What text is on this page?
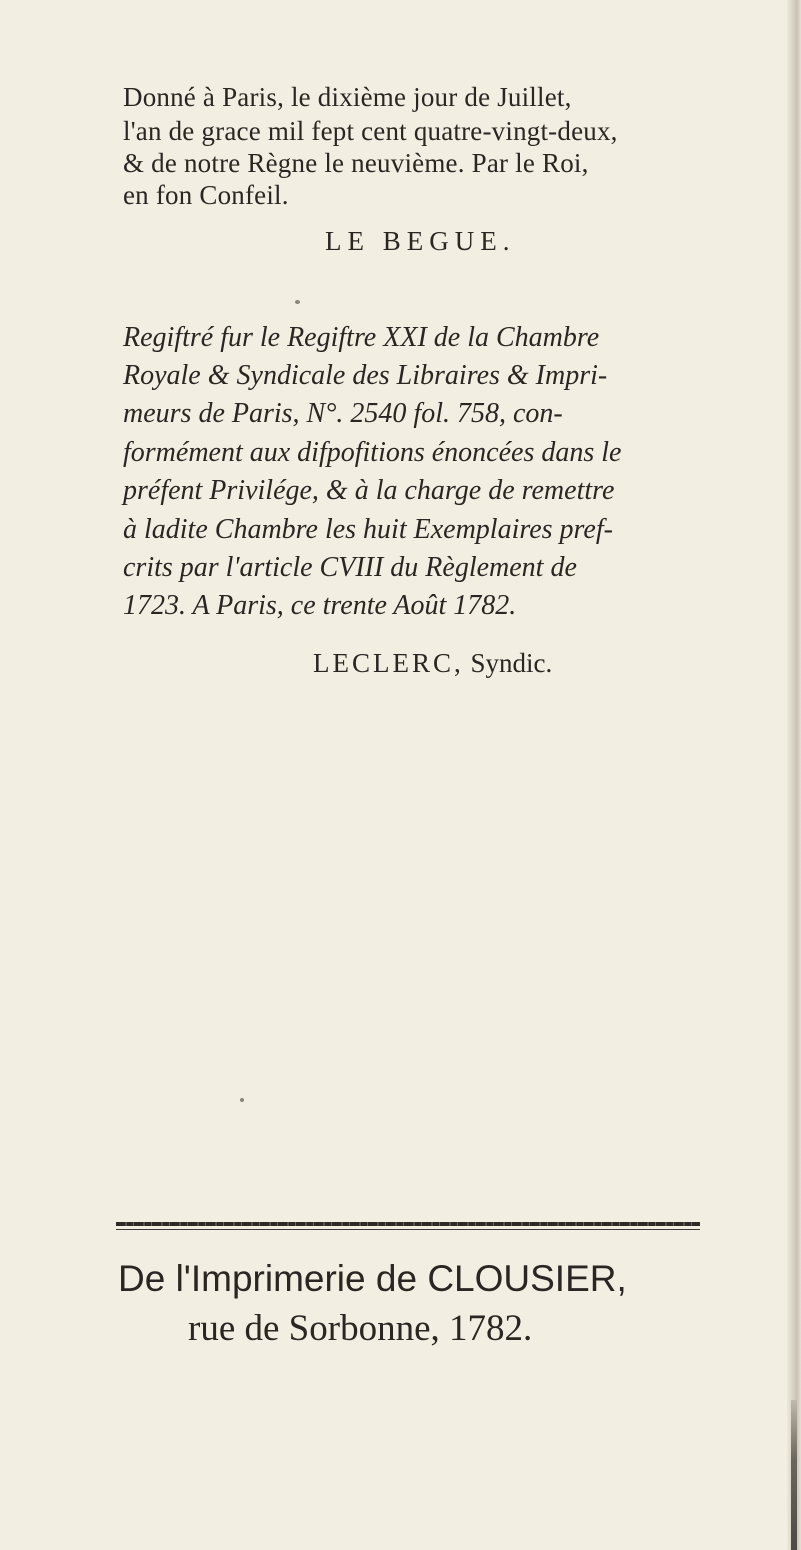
Donné à Paris, le dixième jour de Juillet,
l'an de grace mil fept cent quatre-vingt-deux,
& de notre Règne le neuvième. Par le Roi,
en fon Confeil.
LE BEGUE.
Regiftré fur le Regiftre XXI de la Chambre
Royale & Syndicale des Libraires & Impri-
meurs de Paris, N°. 2540 fol. 758, con-
formément aux difpofitions énoncées dans le
préfent Privilége, & à la charge de remettre
à ladite Chambre les huit Exemplaires pref-
crits par l'article CVIII du Règlement de
1723. A Paris, ce trente Août 1782.
LECLERC, Syndic.
De l'Imprimerie de CLOUSIER,
rue de Sorbonne, 1782.
